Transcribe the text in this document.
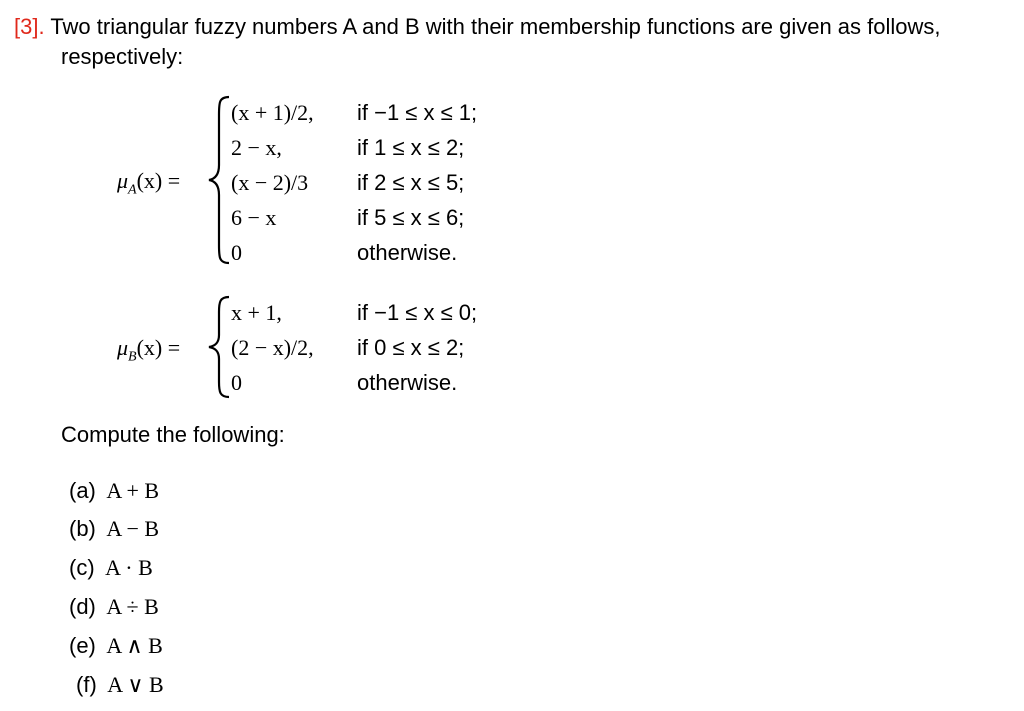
[3]. Two triangular fuzzy numbers A and B with their membership functions are given as follows,
respectively:
$\mu_A(x)$ =
(x + 1)/2, if −1 ≤ x ≤ 1;
2 − x,	if 1 ≤ x ≤ 2;
(x − 2)/3 if 2 ≤ x ≤ 5;
6 − x	if 5 ≤ x ≤ 6;
0	otherwise.
$\mu_B(x)$ =
x + 1,	if −1 ≤ x ≤ 0;
(2 − x)/2, if 0 ≤ x ≤ 2;
0	otherwise.
Compute the following:
(a) A + B
(b) A − B
(c) A · B
(d) A ÷ B
(e) A ∧ B
(f) A ∨ B
